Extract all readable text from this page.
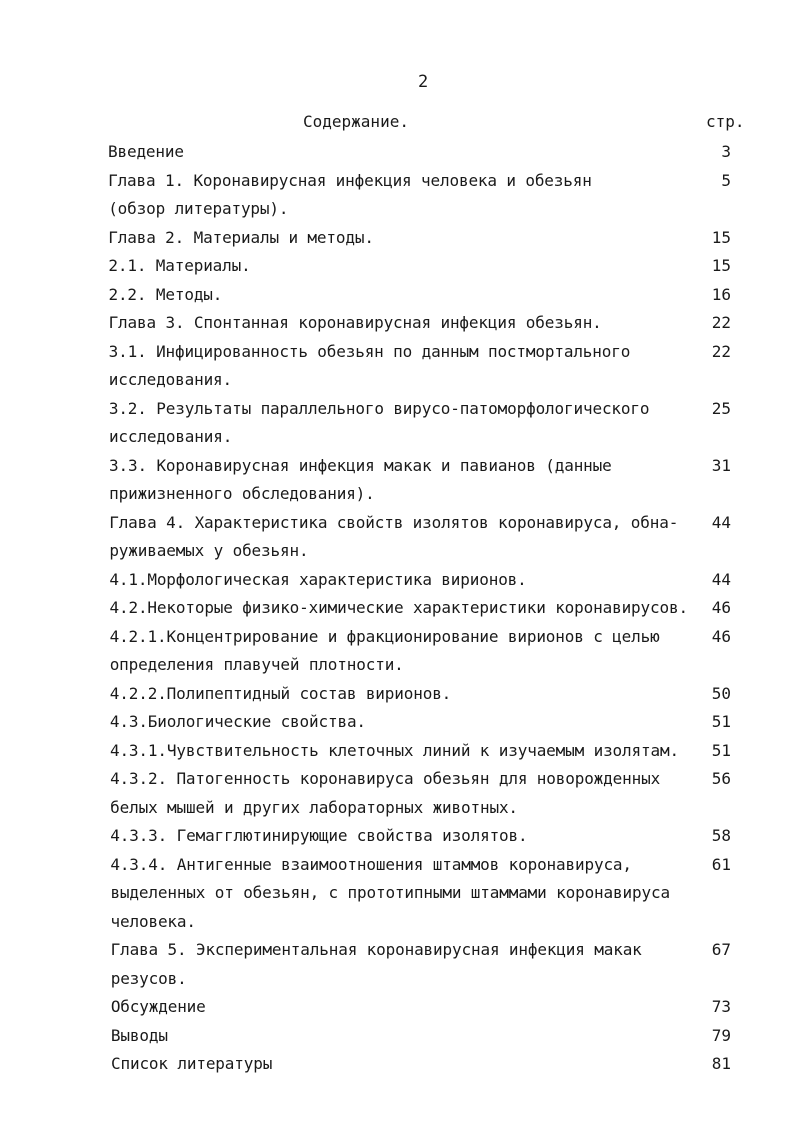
2
Содержание.	стр.
Введение	3
Глава 1. Коронавирусная инфекция человека и обезьян	5
(обзор литературы).
Глава 2. Материалы и методы.	15
2.1. Материалы.	15
2.2. Методы.	16
Глава 3. Спонтанная коронавирусная инфекция обезьян.	22
3.1. Инфицированность обезьян по данным постмортального	22
исследования.
3.2. Результаты параллельного вирусо-патоморфологического	25
исследования.
3.3. Коронавирусная инфекция макак и павианов (данные	31
прижизненного обследования).
Глава 4. Характеристика свойств изолятов коронавируса, обна-	44
руживаемых у обезьян.
4.1.Морфологическая характеристика вирионов.	44
4.2.Некоторые физико-химические характеристики коронавирусов.	46
4.2.1.Концентрирование и фракционирование вирионов с целью	46
определения плавучей плотности.
4.2.2.Полипептидный состав вирионов.	50
4.3.Биологические свойства.	51
4.3.1.Чувствительность клеточных линий к изучаемым изолятам.	51
4.3.2. Патогенность коронавируса обезьян для новорожденных	56
белых мышей и других лабораторных животных.
4.3.3. Гемагглютинирующие свойства изолятов.	58
4.3.4. Антигенные взаимоотношения штаммов коронавируса,	61
выделенных от обезьян, с прототипными штаммами коронавируса
человека.
Глава 5. Экспериментальная коронавирусная инфекция макак	67
резусов.
Обсуждение	73
Выводы	79
Список литературы	81
